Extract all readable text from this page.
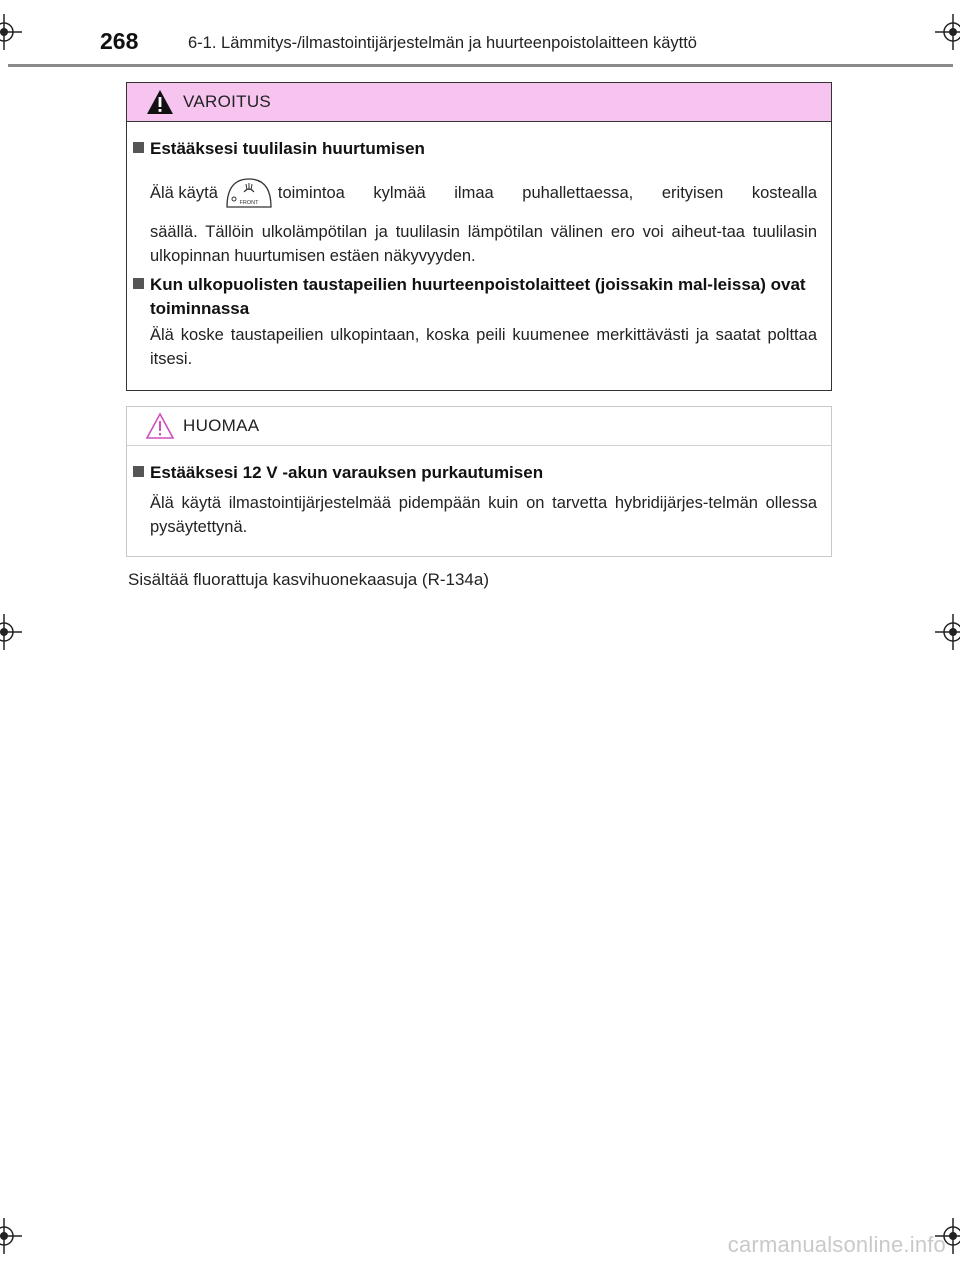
268	6-1. Lämmitys-/ilmastointijärjestelmän ja huurteenpoistolaitteen käyttö
VAROITUS
Estääksesi tuulilasin huurtumisen
Älä käytä
FRONT
toimintoa kylmää ilmaa puhallettaessa, erityisen kostealla
säällä. Tällöin ulkolämpötilan ja tuulilasin lämpötilan välinen ero voi aiheut-taa tuulilasin ulkopinnan huurtumisen estäen näkyvyyden.
Kun ulkopuolisten taustapeilien huurteenpoistolaitteet (joissakin mal-leissa) ovat toiminnassa
Älä koske taustapeilien ulkopintaan, koska peili kuumenee merkittävästi ja saatat polttaa itsesi.
HUOMAA
Estääksesi 12 V -akun varauksen purkautumisen
Älä käytä ilmastointijärjestelmää pidempään kuin on tarvetta hybridijärjes-telmän ollessa pysäytettynä.
Sisältää fluorattuja kasvihuonekaasuja (R-134a)
carmanualsonline.info
